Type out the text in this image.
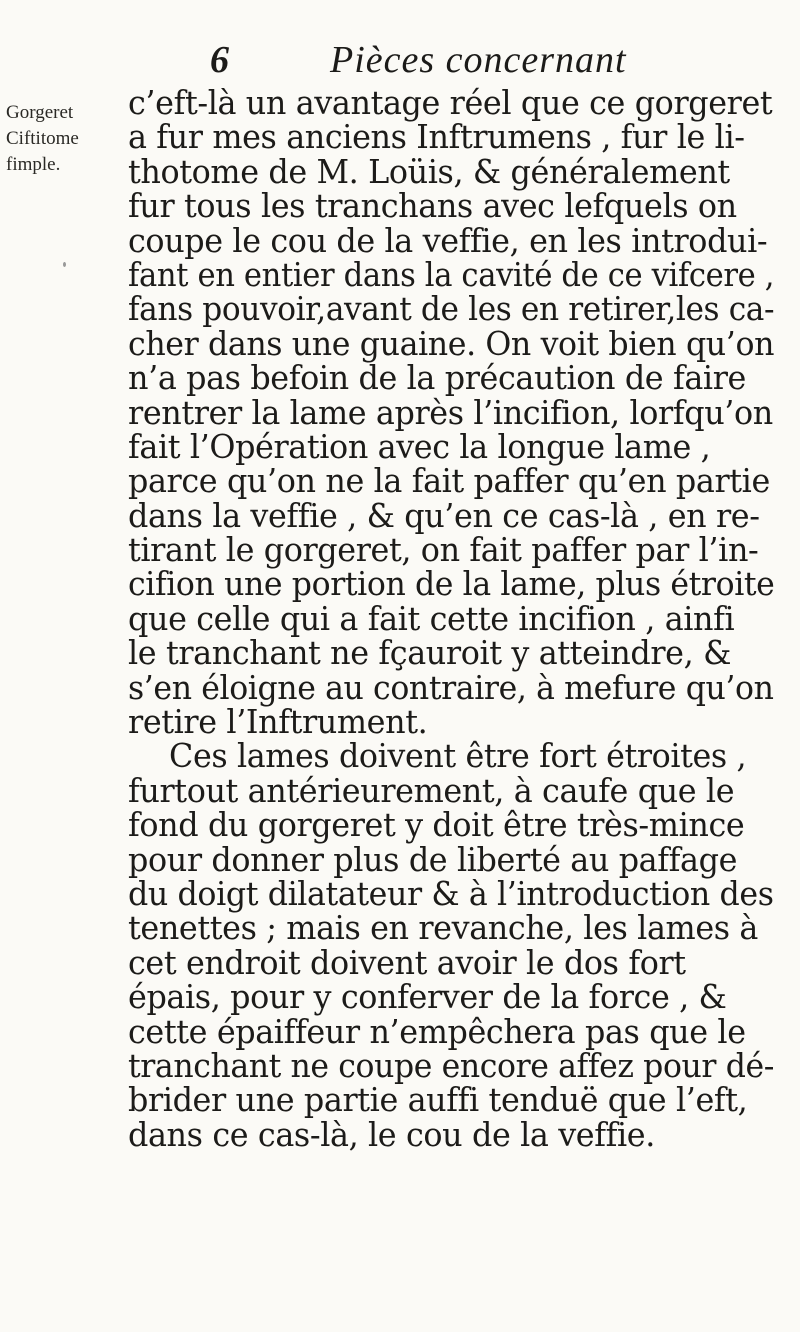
6	Pièces concernant
Gorgeret
Ciftitome
fimple.
c’eft-là un avantage réel que ce gorgeret
a fur mes anciens Inftrumens , fur le li-
thotome de M. Loüis, & généralement
fur tous les tranchans avec lefquels on
coupe le cou de la veffie, en les introdui-
fant en entier dans la cavité de ce vifcere ,
fans pouvoir,avant de les en retirer,les ca-
cher dans une guaine. On voit bien qu’on
n’a pas befoin de la précaution de faire
rentrer la lame après l’incifion, lorfqu’on
fait l’Opération avec la longue lame ,
parce qu’on ne la fait paffer qu’en partie
dans la veffie , & qu’en ce cas-là , en re-
tirant le gorgeret, on fait paffer par l’in-
cifion une portion de la lame, plus étroite
que celle qui a fait cette incifion , ainfi
le tranchant ne fçauroit y atteindre, &
s’en éloigne au contraire, à mefure qu’on
retire l’Inftrument.
Ces lames doivent être fort étroites ,
furtout antérieurement, à caufe que le
fond du gorgeret y doit être très-mince
pour donner plus de liberté au paffage
du doigt dilatateur & à l’introduction des
tenettes ; mais en revanche, les lames à
cet endroit doivent avoir le dos fort
épais, pour y conferver de la force , &
cette épaiffeur n’empêchera pas que le
tranchant ne coupe encore affez pour dé-
brider une partie auffi tenduë que l’eft,
dans ce cas-là, le cou de la veffie.
